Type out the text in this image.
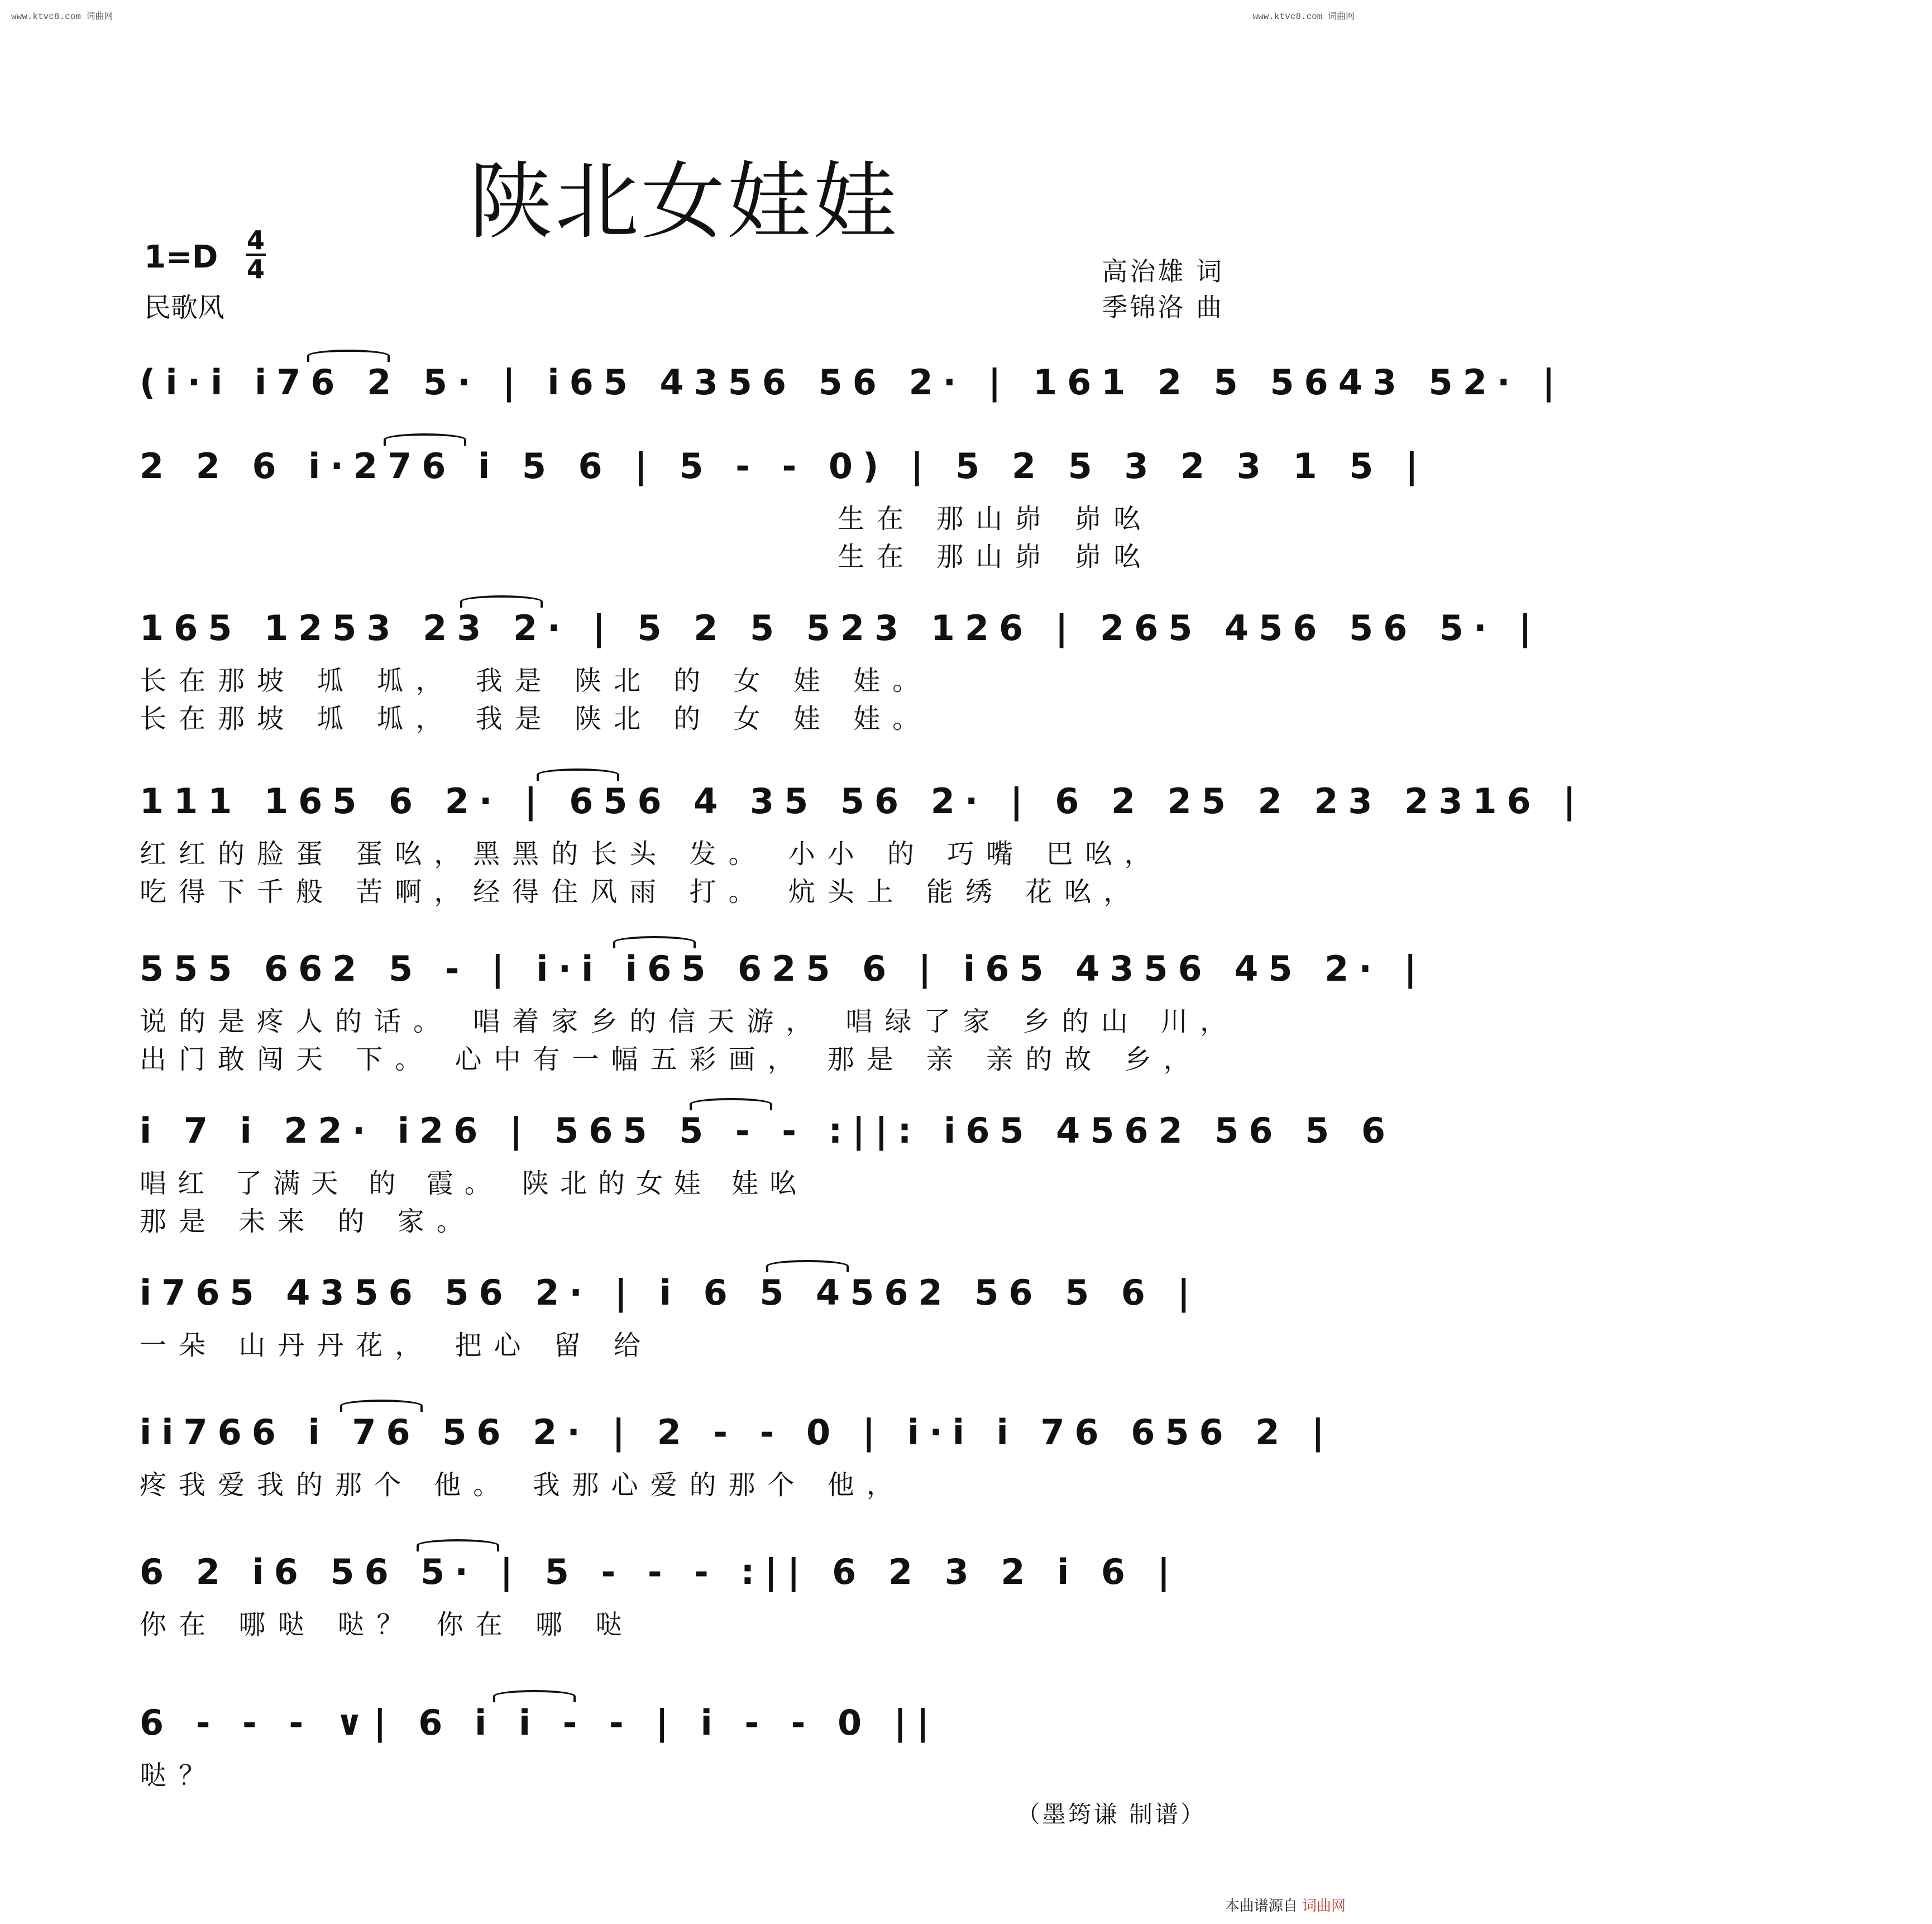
www.ktvc8.com 词曲网	www.ktvc8.com 词曲网
陕北女娃娃
1=D 4
4
民歌风
高治雄 词
季锦洛 曲
(i·i i76 2 5· | i65 4356 56 2· | 161 2 5 5643 52· |
2 2 6 i·276 i 5 6 | 5 - - 0) | 5 2 5 3 2 3 1 5 |
生在 那山峁 峁吆
生在 那山峁 峁吆
165 1253 23 2· | 5 2 5 523 126 | 265 456 56 5· |
长在那坡 坬 坬， 我是 陕北 的 女 娃 娃。
长在那坡 坬 坬， 我是 陕北 的 女 娃 娃。
111 165 6 2· | 656 4 35 56 2· | 6 2 25 2 23 2316 |
红红的脸蛋 蛋吆，黑黑的长头 发。 小小 的 巧嘴 巴吆，
吃得下千般 苦啊，经得住风雨 打。 炕头上 能绣 花吆，
555 662 5 - | i·i i65 625 6 | i65 4356 45 2· |
说的是疼人的话。 唱着家乡的信天游， 唱绿了家 乡的山 川，
出门敢闯天 下。 心中有一幅五彩画， 那是 亲 亲的故 乡，
i 7 i 22· i26 | 565 5 - - :||: i65 4562 56 5 6
唱红 了满天 的 霞。 陕北的女娃 娃吆
那是 未来 的 家。
i765 4356 56 2· | i 6 5 4562 56 5 6 |
一朵 山丹丹花， 把心 留 给
ii766 i 76 56 2· | 2 - - 0 | i·i i 76 656 2 |
疼我爱我的那个 他。 我那心爱的那个 他，
6 2 i6 56 5· | 5 - - - :|| 6 2 3 2 i 6 |
你在 哪哒 哒？ 你在 哪 哒
6 - - - ∨| 6 i i - - | i - - 0 ||
哒？
（墨筠谦 制谱）
本曲谱源自 词曲网
